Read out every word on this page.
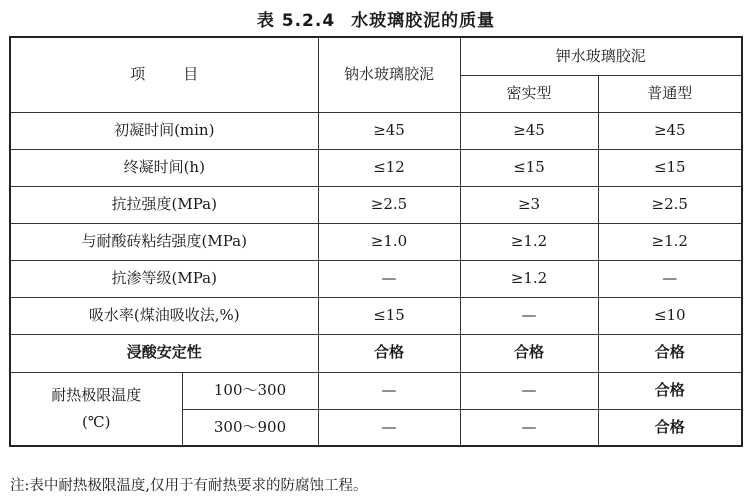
表 5.2.4 水玻璃胶泥的质量
项目		钠水玻璃胶泥	钾水玻璃胶泥	
			密实型	普通型
初凝时间(min)		≥45	≥45	≥45
终凝时间(h)		≤12	≤15	≤15
抗拉强度(MPa)		≥2.5	≥3	≥2.5
与耐酸砖粘结强度(MPa)		≥1.0	≥1.2	≥1.2
抗渗等级(MPa)		—	≥1.2	—
吸水率(煤油吸收法,%)		≤15	—	≤10
浸酸安定性		合格	合格	合格

耐热极限温度
(℃)	100～300	—	—	合格
	300～900	—	—	合格
注:表中耐热极限温度,仅用于有耐热要求的防腐蚀工程。
